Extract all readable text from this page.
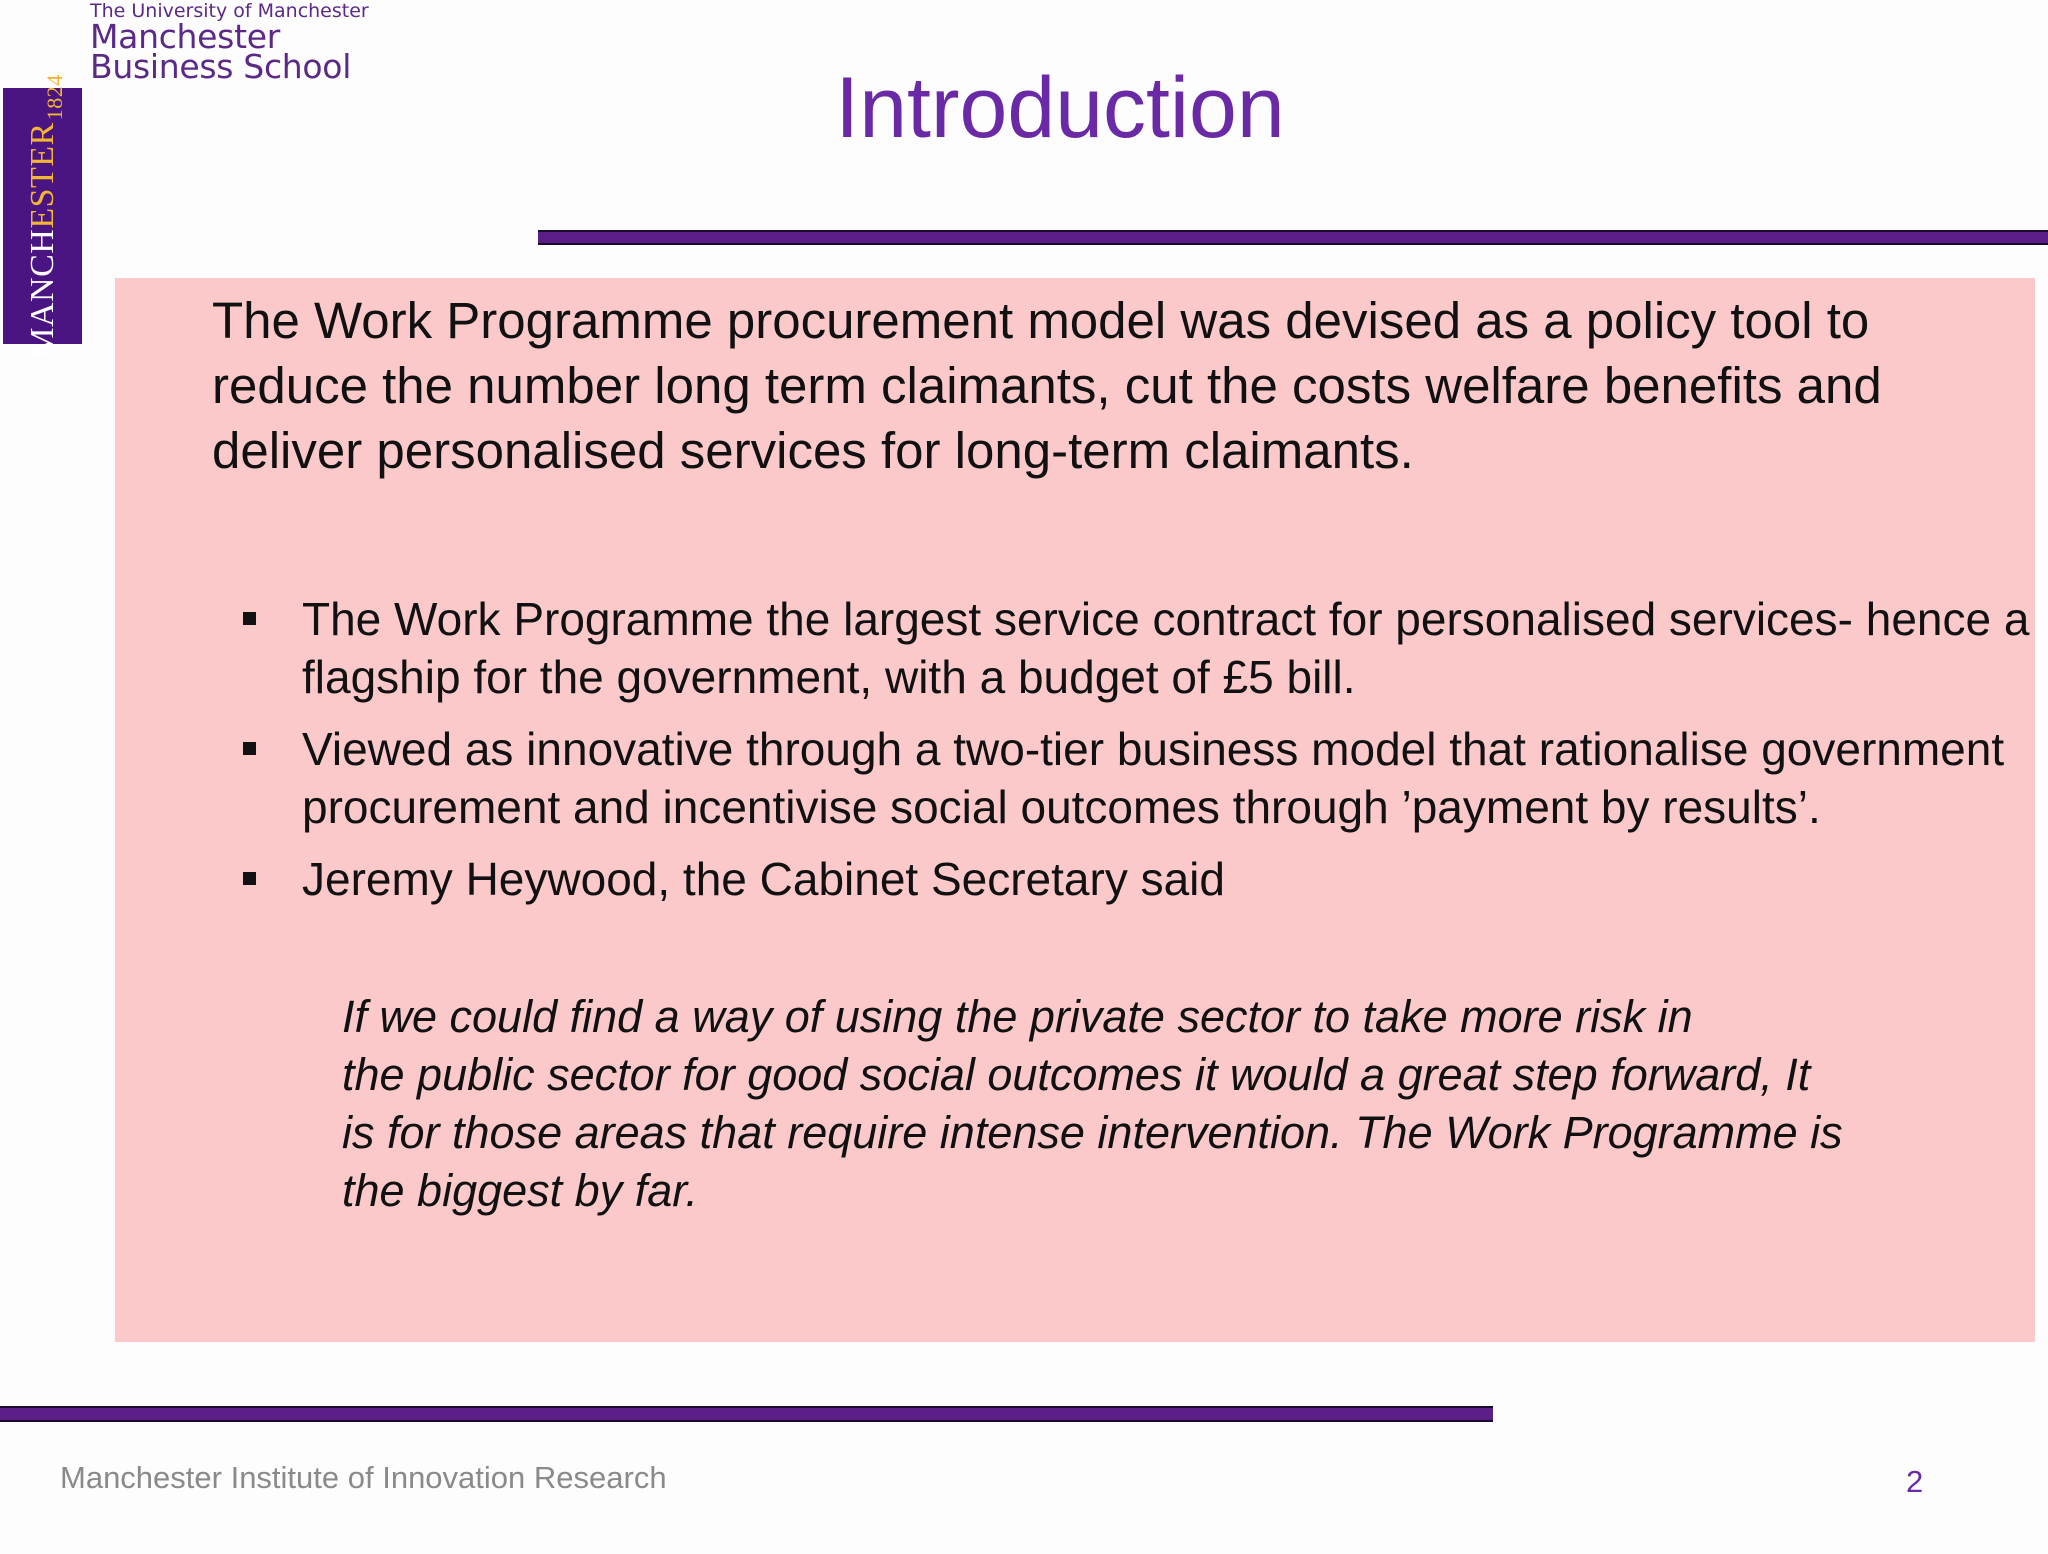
The University of Manchester
Manchester
Business School
MANCH
ESTER
1824	Introduction
The Work Programme procurement model was devised as a policy tool to reduce the number long term claimants, cut the costs welfare benefits and deliver personalised services for long-term claimants.
The Work Programme the largest service contract for personalised services- hence a flagship for the government, with a budget of £5 bill.
Viewed as innovative through a two-tier business model that rationalise government procurement and incentivise social outcomes through ’payment by results’.
Jeremy Heywood, the Cabinet Secretary said
If we could find a way of using the private sector to take more risk in
the public sector for good social outcomes it would a great step forward, It
is for those areas that require intense intervention. The Work Programme is
the biggest by far.
Manchester Institute of Innovation Research	2
